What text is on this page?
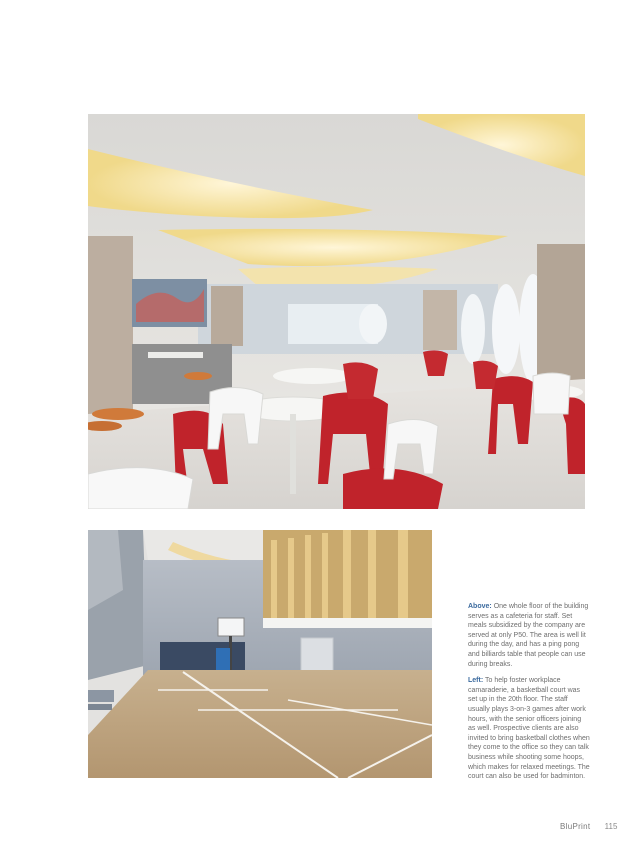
Above: One whole floor of the building serves as a cafeteria for staff. Set meals subsidized by the company are served at only P50. The area is well lit during the day, and has a ping pong and billiards table that people can use during breaks.

Left: To help foster workplace camaraderie, a basketball court was set up in the 20th floor. The staff usually plays 3-on-3 games after work hours, with the senior officers joining as well. Prospective clients are also invited to bring basketball clothes when they come to the office so they can talk business while shooting some hoops, which makes for relaxed meetings. The court can also be used for badminton.

BluPrint 115
